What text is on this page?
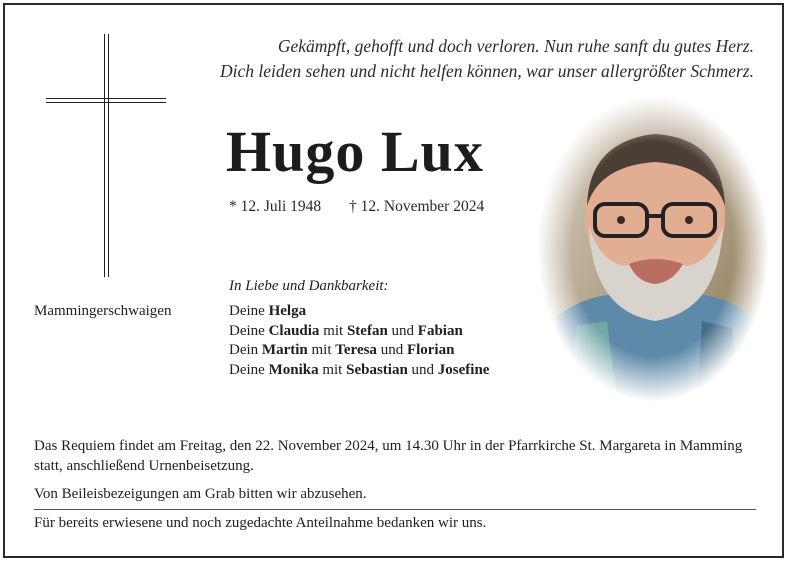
Gekämpft, gehofft und doch verloren. Nun ruhe sanft du gutes Herz.
Dich leiden sehen und nicht helfen können, war unser allergrößter Schmerz.
Hugo Lux
* 12. Juli 1948 † 12. November 2024
In Liebe und Dankbarkeit:
Mammingerschwaigen	Deine Helga
Deine Claudia mit Stefan und Fabian
Dein Martin mit Teresa und Florian
Deine Monika mit Sebastian und Josefine
Das Requiem findet am Freitag, den 22. November 2024, um 14.30 Uhr in der Pfarrkirche St. Margareta in Mamming statt, anschließend Urnenbeisetzung.
Von Beileisbezeigungen am Grab bitten wir abzusehen.
Für bereits erwiesene und noch zugedachte Anteilnahme bedanken wir uns.
